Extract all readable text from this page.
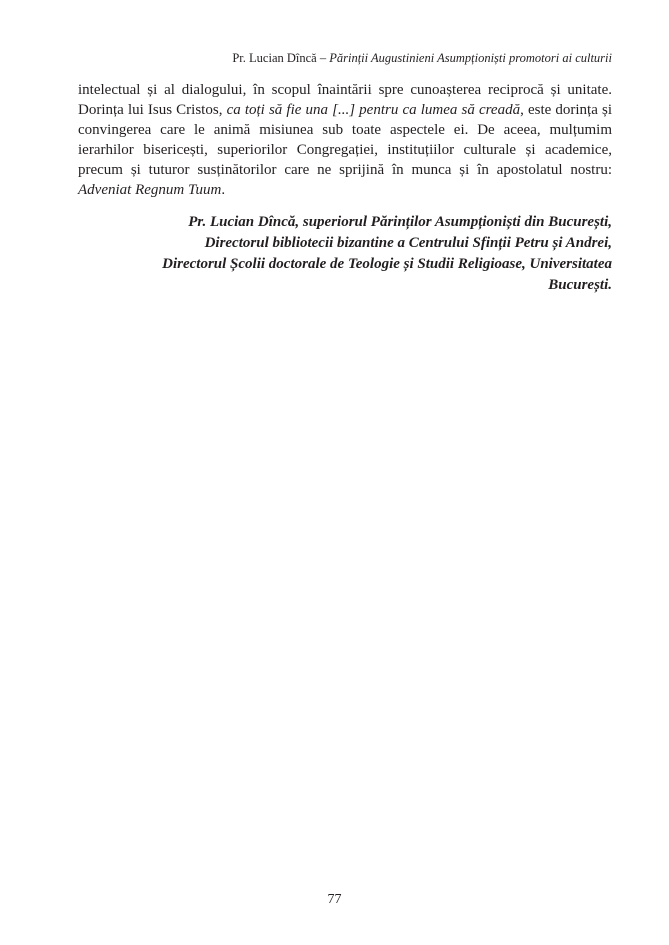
Pr. Lucian Dîncă – Părinții Augustinieni Asumpționiști promotori ai culturii

intelectual și al dialogului, în scopul înaintării spre cunoașterea reciprocă și unitate. Dorința lui Isus Cristos, ca toți să fie una [...] pentru ca lumea să creadă, este dorința și convingerea care le animă misiunea sub toate aspectele ei. De aceea, mulțumim ierarhilor bisericești, superiorilor Congregației, instituțiilor culturale și academice, precum și tuturor susținătorilor care ne sprijină în munca și în apostolatul nostru: Adveniat Regnum Tuum.

Pr. Lucian Dîncă, superiorul Părinților Asumpționiști din București,
Directorul bibliotecii bizantine a Centrului Sfinții Petru și Andrei,
Directorul Școlii doctorale de Teologie și Studii Religioase, Universitatea
București.
77
